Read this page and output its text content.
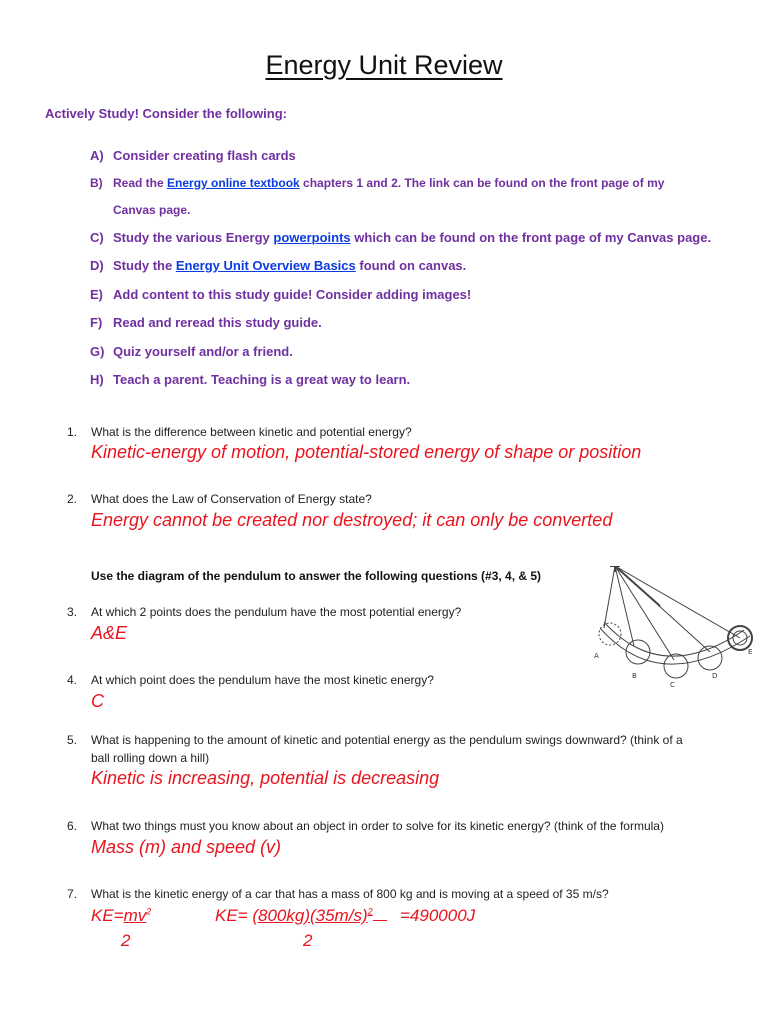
Energy Unit Review
Actively Study! Consider the following:
A) Consider creating flash cards
B) Read the Energy online textbook chapters 1 and 2. The link can be found on the front page of my
Canvas page.
C) Study the various Energy powerpoints which can be found on the front page of my Canvas page.
D) Study the Energy Unit Overview Basics found on canvas.
E) Add content to this study guide! Consider adding images!
F) Read and reread this study guide.
G) Quiz yourself and/or a friend.
H) Teach a parent. Teaching is a great way to learn.
1. What is the difference between kinetic and potential energy?
Kinetic-energy of motion, potential-stored energy of shape or position
2. What does the Law of Conservation of Energy state?
Energy cannot be created nor destroyed; it can only be converted
Use the diagram of the pendulum to answer the following questions (#3, 4, & 5)
A
B
C
D
E
3. At which 2 points does the pendulum have the most potential energy?
A&E
4. At which point does the pendulum have the most kinetic energy?
C
5. What is happening to the amount of kinetic and potential energy as the pendulum swings downward? (think of a
ball rolling down a hill)
Kinetic is increasing, potential is decreasing
6. What two things must you know about an object in order to solve for its kinetic energy? (think of the formula)
Mass (m) and speed (v)
7. What is the kinetic energy of a car that has a mass of 800 kg and is moving at a speed of 35 m/s?
$KE=mv^2$
2
$KE= (800kg)(35m/s)^2$	=490000J
2
